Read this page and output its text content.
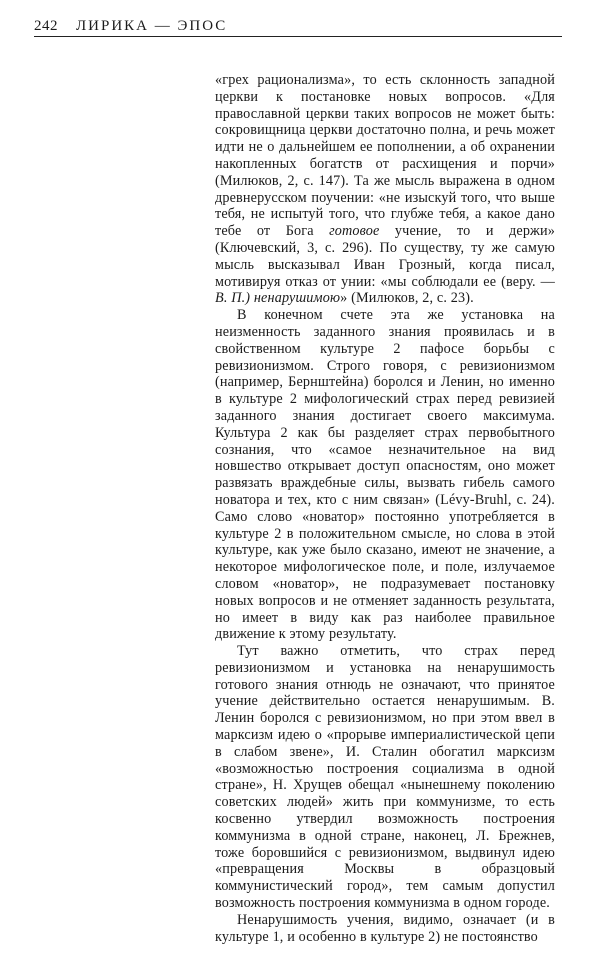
242 ЛИРИКА — ЭПОС

«грех рационализма», то есть склонность западной церкви к постановке новых вопросов. «Для православной церкви таких вопросов не может быть: сокровищница церкви достаточно полна, и речь может идти не о дальнейшем ее пополнении, а об охранении накопленных богатств от расхищения и порчи» (Милюков, 2, с. 147). Та же мысль выражена в одном древнерусском поучении: «не изыскуй того, что выше тебя, не испытуй того, что глубже тебя, а какое дано тебе от Бога готовое учение, то и держи» (Ключевский, 3, с. 296). По существу, ту же самую мысль высказывал Иван Грозный, когда писал, мотивируя отказ от унии: «мы соблюдали ее (веру. — В. П.) ненарушимою» (Милюков, 2, с. 23).

В конечном счете эта же установка на неизменность заданного знания проявилась и в свойственном культуре 2 пафосе борьбы с ревизионизмом. Строго говоря, с ревизионизмом (например, Бернштейна) боролся и Ленин, но именно в культуре 2 мифологический страх перед ревизией заданного знания достигает своего максимума. Культура 2 как бы разделяет страх первобытного сознания, что «самое незначительное на вид новшество открывает доступ опасностям, оно может развязать враждебные силы, вызвать гибель самого новатора и тех, кто с ним связан» (Lévy-Bruhl, с. 24). Само слово «новатор» постоянно употребляется в культуре 2 в положительном смысле, но слова в этой культуре, как уже было сказано, имеют не значение, а некоторое мифологическое поле, и поле, излучаемое словом «новатор», не подразумевает постановку новых вопросов и не отменяет заданность результата, но имеет в виду как раз наиболее правильное движение к этому результату.

Тут важно отметить, что страх перед ревизионизмом и установка на ненарушимость готового знания отнюдь не означают, что принятое учение действительно остается ненарушимым. В. Ленин боролся с ревизионизмом, но при этом ввел в марксизм идею о «прорыве империалистической цепи в слабом звене», И. Сталин обогатил марксизм «возможностью построения социализма в одной стране», Н. Хрущев обещал «нынешнему поколению советских людей» жить при коммунизме, то есть косвенно утвердил возможность построения коммунизма в одной стране, наконец, Л. Брежнев, тоже боровшийся с ревизионизмом, выдвинул идею «превращения Москвы в образцовый коммунистический город», тем самым допустил возможность построения коммунизма в одном городе.

Ненарушимость учения, видимо, означает (и в культуре 1, и особенно в культуре 2) не постоянство
